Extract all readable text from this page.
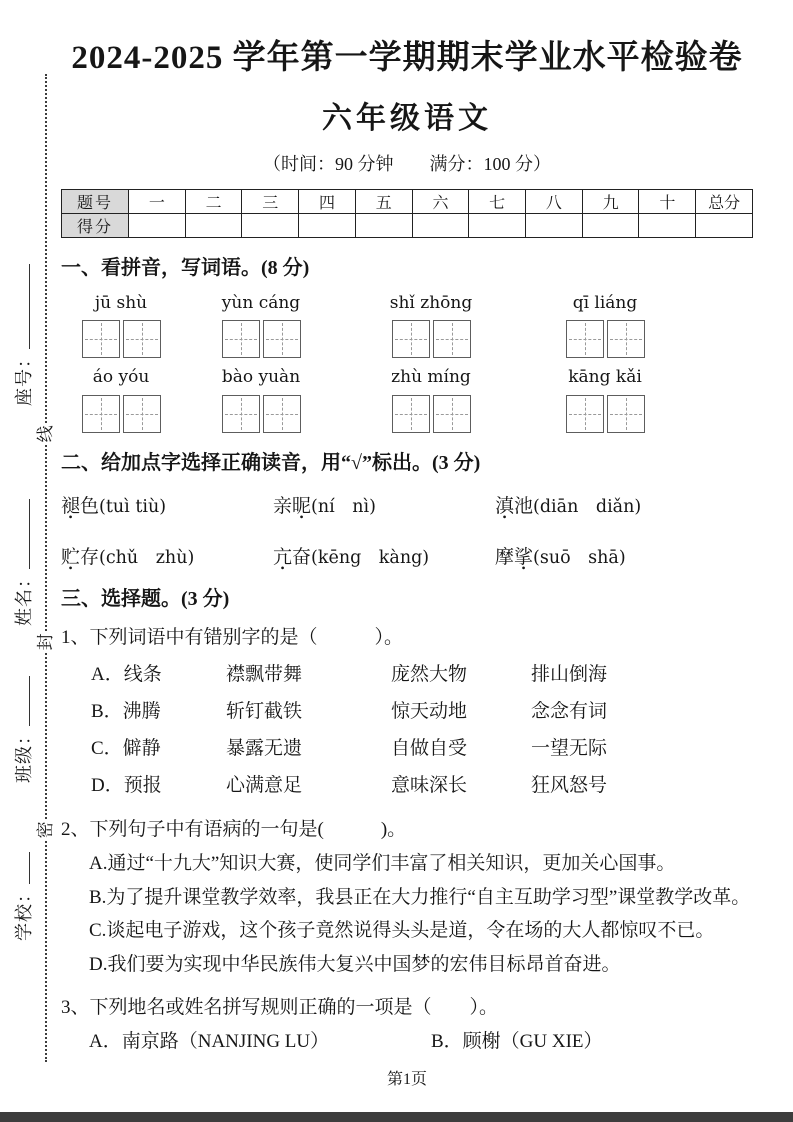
线
封
密
座号：
姓名：
班级：
学校：
2024-2025 学年第一学期期末学业水平检验卷
六年级语文
（时间：90 分钟　　满分：100 分）
题号	一	二	三	四	五	六	七	八	九	十	总分
得分											
一、看拼音，写词语。(8 分)
jū shù	yùn cáng	shǐ zhōng	qī liáng
áo yóu	bào yuàn	zhù míng	kāng kǎi
二、给加点字选择正确读音，用“√”标出。(3 分)
褪色(tuì tiù)	亲昵(ní　nì)	滇池(diān　diǎn)
贮存(chǔ　zhù)	亢奋(kēng　kàng)	摩挲(suō　shā)
三、选择题。(3 分)
1、下列词语中有错别字的是（　　　）。
A．线条	襟飘带舞	庞然大物	排山倒海
B．沸腾	斩钉截铁	惊天动地	念念有词
C．僻静	暴露无遗	自做自受	一望无际
D．预报	心满意足	意味深长	狂风怒号
2、下列句子中有语病的一句是(　　　)。

A.通过“十九大”知识大赛，使同学们丰富了相关知识，更加关心国事。

B.为了提升课堂教学效率，我县正在大力推行“自主互助学习型”课堂教学改革。

C.谈起电子游戏，这个孩子竟然说得头头是道，令在场的大人都惊叹不已。

D.我们要为实现中华民族伟大复兴中国梦的宏伟目标昂首奋进。

3、下列地名或姓名拼写规则正确的一项是（　　）。
A．南京路（NANJING LU）	B．顾榭（GU XIE）
第1页
